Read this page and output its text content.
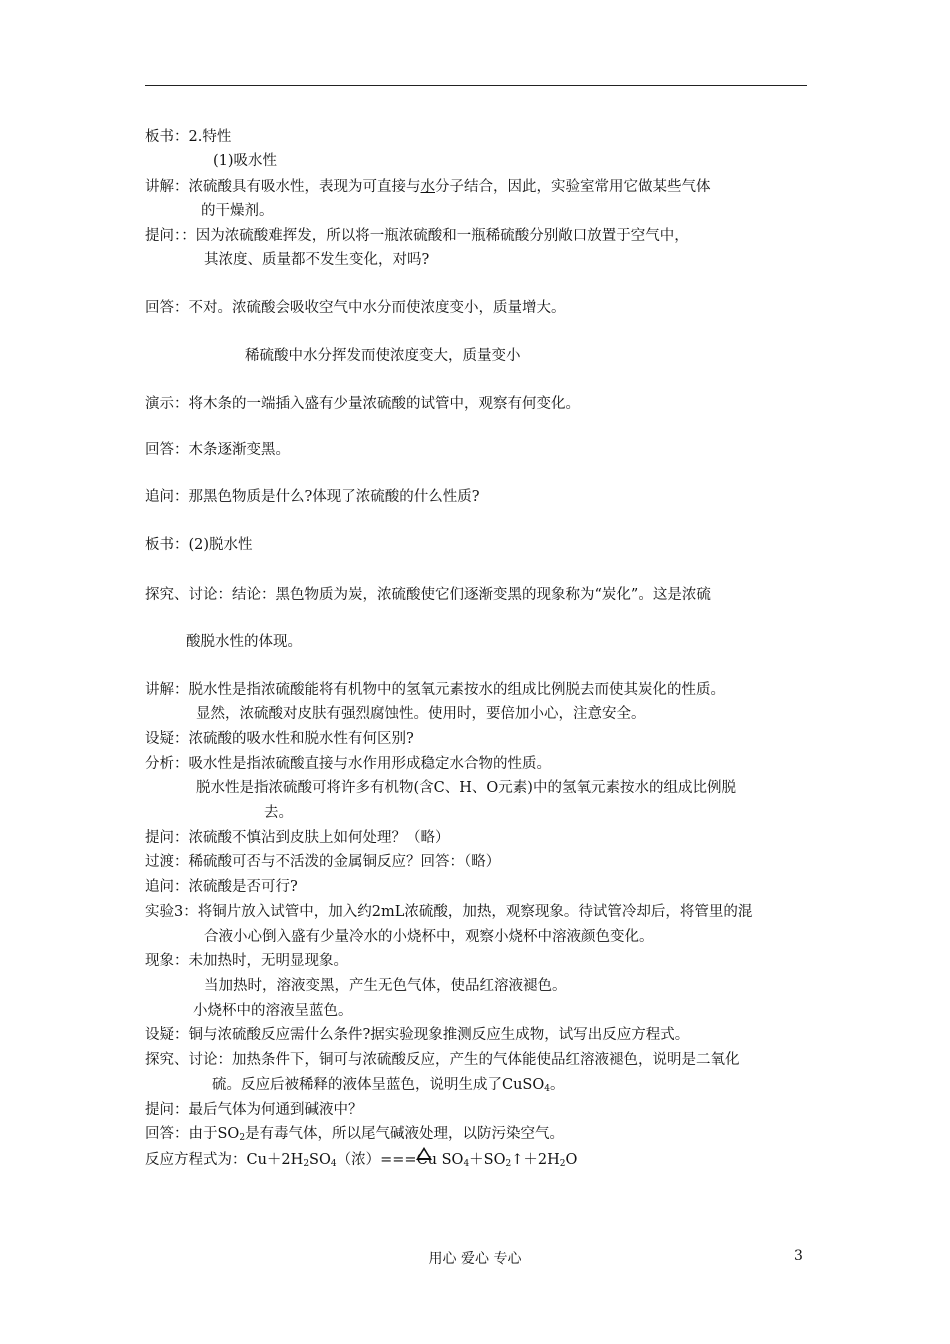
板书：2.特性
(1)吸水性
讲解：浓硫酸具有吸水性，表现为可直接与水分子结合，因此，实验室常用它做某些气体
的干燥剂。
提问：：因为浓硫酸难挥发，所以将一瓶浓硫酸和一瓶稀硫酸分别敞口放置于空气中，
其浓度、质量都不发生变化，对吗?
回答：不对。浓硫酸会吸收空气中水分而使浓度变小，质量增大。
稀硫酸中水分挥发而使浓度变大，质量变小
演示：将木条的一端插入盛有少量浓硫酸的试管中，观察有何变化。
回答：木条逐渐变黑。
追问：那黑色物质是什么?体现了浓硫酸的什么性质?
板书：(2)脱水性
探究、讨论：结论：黑色物质为炭，浓硫酸使它们逐渐变黑的现象称为“炭化”。这是浓硫
酸脱水性的体现。
讲解：脱水性是指浓硫酸能将有机物中的氢氧元素按水的组成比例脱去而使其炭化的性质。
显然，浓硫酸对皮肤有强烈腐蚀性。使用时，要倍加小心，注意安全。
设疑：浓硫酸的吸水性和脱水性有何区别?
分析：吸水性是指浓硫酸直接与水作用形成稳定水合物的性质。
脱水性是指浓硫酸可将许多有机物(含C、H、O元素)中的氢氧元素按水的组成比例脱
去。
提问：浓硫酸不慎沾到皮肤上如何处理？（略）
过渡：稀硫酸可否与不活泼的金属铜反应？回答：（略）
追问：浓硫酸是否可行?
实验3：将铜片放入试管中，加入约2mL浓硫酸，加热，观察现象。待试管冷却后，将管里的混
合液小心倒入盛有少量冷水的小烧杯中，观察小烧杯中溶液颜色变化。
现象：未加热时，无明显现象。
当加热时，溶液变黑，产生无色气体，使品红溶液褪色。
小烧杯中的溶液呈蓝色。
设疑：铜与浓硫酸反应需什么条件?据实验现象推测反应生成物，试写出反应方程式。
探究、讨论：加热条件下，铜可与浓硫酸反应，产生的气体能使品红溶液褪色，说明是二氧化
硫。反应后被稀释的液体呈蓝色，说明生成了CuSO$_4$。
提问：最后气体为何通到碱液中？
回答：由于$SO_2$是有毒气体，所以尾气碱液处理，以防污染空气。
反应方程式为：$Cu+2H_2SO_4$（浓）===Cu $SO_4+SO_2↑+2H_2O$
用心 爱心 专心	3
